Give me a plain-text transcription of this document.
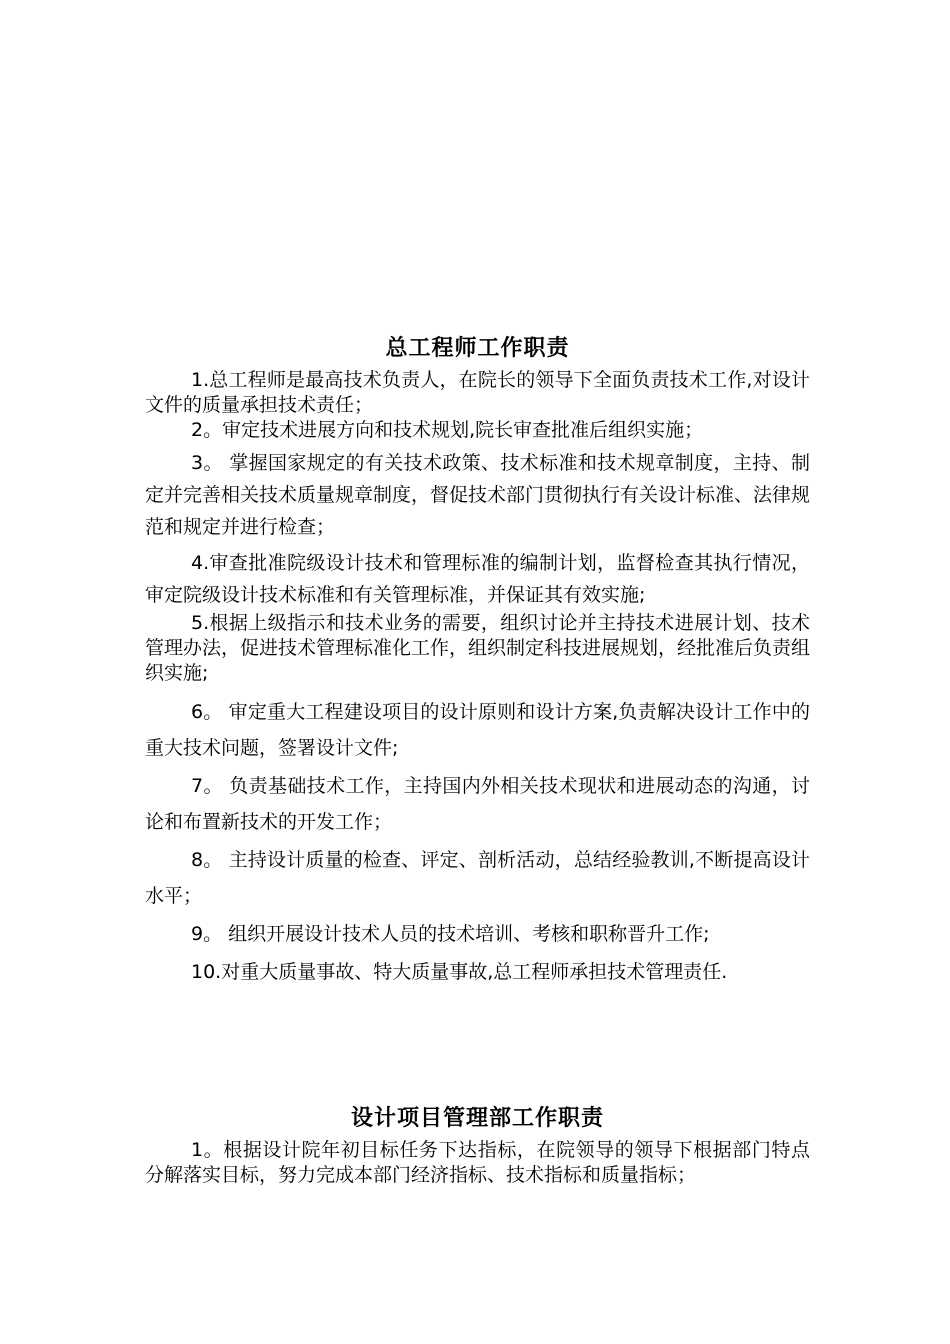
总工程师工作职责

1.总工程师是最高技术负责人，在院长的领导下全面负责技术工作,对设计文件的质量承担技术责任；

2。审定技术进展方向和技术规划,院长审查批准后组织实施；

3。 掌握国家规定的有关技术政策、技术标准和技术规章制度，主持、制定并完善相关技术质量规章制度，督促技术部门贯彻执行有关设计标准、法律规范和规定并进行检查；

4.审查批准院级设计技术和管理标准的编制计划，监督检查其执行情况，审定院级设计技术标准和有关管理标准，并保证其有效实施;

5.根据上级指示和技术业务的需要，组织讨论并主持技术进展计划、技术管理办法，促进技术管理标准化工作，组织制定科技进展规划，经批准后负责组织实施;

6。 审定重大工程建设项目的设计原则和设计方案,负责解决设计工作中的重大技术问题，签署设计文件;

7。 负责基础技术工作，主持国内外相关技术现状和进展动态的沟通，讨论和布置新技术的开发工作；

8。 主持设计质量的检查、评定、剖析活动，总结经验教训,不断提高设计水平；

9。 组织开展设计技术人员的技术培训、考核和职称晋升工作;

10.对重大质量事故、特大质量事故,总工程师承担技术管理责任.

设计项目管理部工作职责

1。根据设计院年初目标任务下达指标，在院领导的领导下根据部门特点分解落实目标，努力完成本部门经济指标、技术指标和质量指标；
